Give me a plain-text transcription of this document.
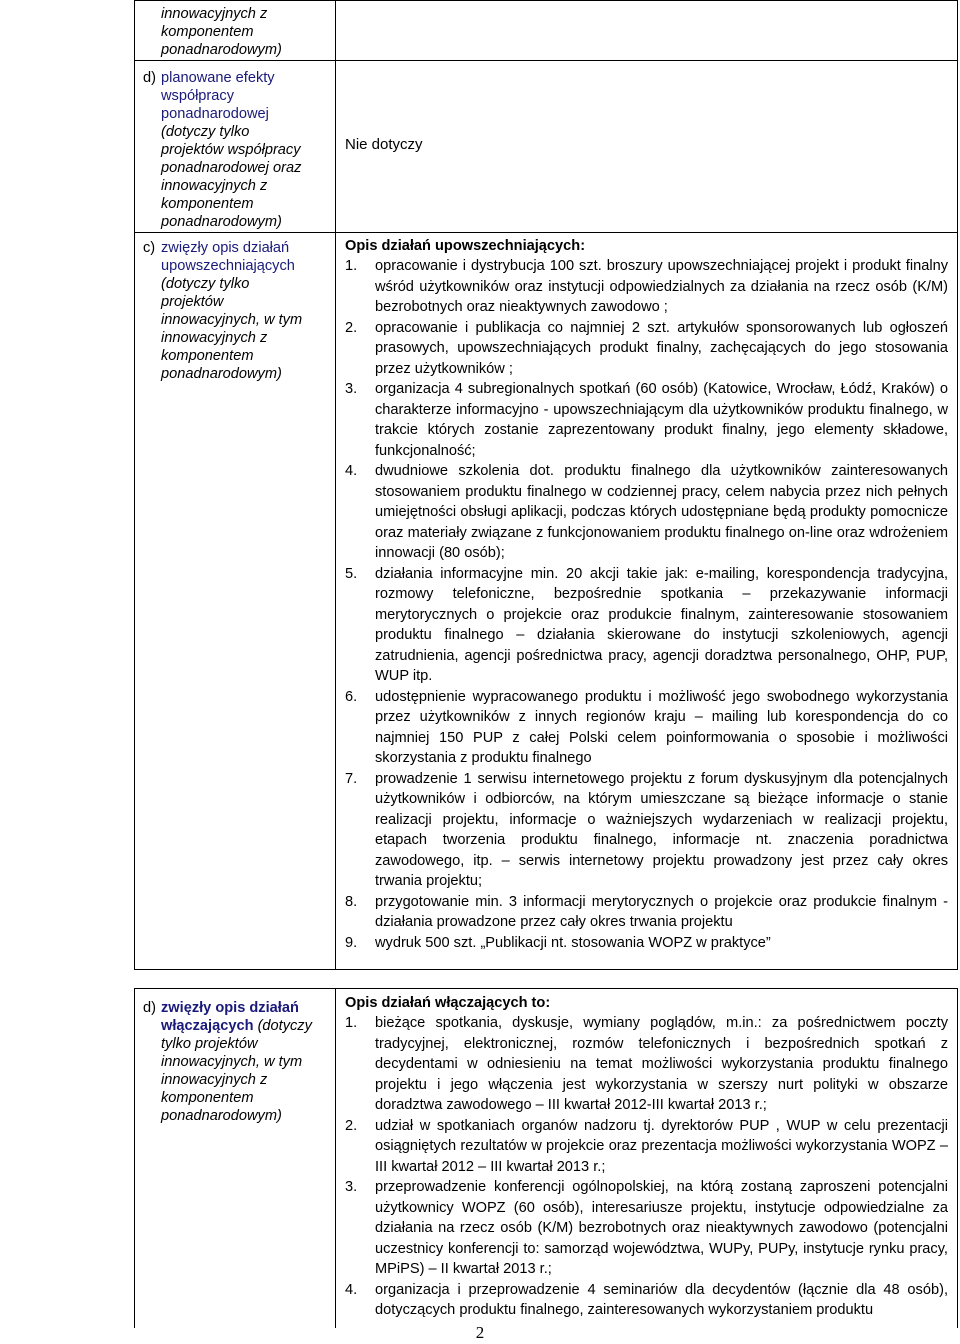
innowacyjnych z
komponentem
ponadnarodowym)
d) planowane efekty
współpracy
ponadnarodowej
(dotyczy tylko
projektów współpracy
ponadnarodowej oraz
innowacyjnych z
komponentem
ponadnarodowym)
Nie dotyczy
c) zwięzły opis działań
upowszechniających
(dotyczy tylko
projektów
innowacyjnych, w tym
innowacyjnych z
komponentem
ponadnarodowym)
Opis działań upowszechniających:
1. opracowanie i dystrybucja 100 szt. broszury upowszechniającej projekt i produkt finalny wśród użytkowników oraz instytucji odpowiedzialnych za działania na rzecz osób (K/M) bezrobotnych oraz nieaktywnych zawodowo ;
2. opracowanie i publikacja co najmniej 2 szt. artykułów sponsorowanych lub ogłoszeń prasowych, upowszechniających produkt finalny, zachęcających do jego stosowania przez użytkowników ;
3. organizacja 4 subregionalnych spotkań (60 osób) (Katowice, Wrocław, Łódź, Kraków) o charakterze informacyjno - upowszechniającym dla użytkowników produktu finalnego, w trakcie których zostanie zaprezentowany produkt finalny, jego elementy składowe, funkcjonalność;
4. dwudniowe szkolenia dot. produktu finalnego dla użytkowników zainteresowanych stosowaniem produktu finalnego w codziennej pracy, celem nabycia przez nich pełnych umiejętności obsługi aplikacji, podczas których udostępniane będą produkty pomocnicze oraz materiały związane z funkcjonowaniem produktu finalnego on-line oraz wdrożeniem innowacji (80 osób);
5. działania informacyjne min. 20 akcji takie jak: e-mailing, korespondencja tradycyjna, rozmowy telefoniczne, bezpośrednie spotkania – przekazywanie informacji merytorycznych o projekcie oraz produkcie finalnym, zainteresowanie stosowaniem produktu finalnego – działania skierowane do instytucji szkoleniowych, agencji zatrudnienia, agencji pośrednictwa pracy, agencji doradztwa personalnego, OHP, PUP, WUP itp.
6. udostępnienie wypracowanego produktu i możliwość jego swobodnego wykorzystania przez użytkowników z innych regionów kraju – mailing lub korespondencja do co najmniej 150 PUP z całej Polski celem poinformowania o sposobie i możliwości skorzystania z produktu finalnego
7. prowadzenie 1 serwisu internetowego projektu z forum dyskusyjnym dla potencjalnych użytkowników i odbiorców, na którym umieszczane są bieżące informacje o stanie realizacji projektu, informacje o ważniejszych wydarzeniach w realizacji projektu, etapach tworzenia produktu finalnego, informacje nt. znaczenia poradnictwa zawodowego, itp. – serwis internetowy projektu prowadzony jest przez cały okres trwania projektu;
8. przygotowanie min. 3 informacji merytorycznych o projekcie oraz produkcie finalnym - działania prowadzone przez cały okres trwania projektu
9. wydruk 500 szt. „Publikacji nt. stosowania WOPZ w praktyce”
d) zwięzły opis działań
włączających (dotyczy
tylko projektów
innowacyjnych, w tym
innowacyjnych z
komponentem
ponadnarodowym)
Opis działań włączających to:
1. bieżące spotkania, dyskusje, wymiany poglądów, m.in.: za pośrednictwem poczty tradycyjnej, elektronicznej, rozmów telefonicznych i bezpośrednich spotkań z decydentami w odniesieniu na temat możliwości wykorzystania produktu finalnego projektu i jego włączenia jest wykorzystania w szerszy nurt polityki w obszarze doradztwa zawodowego – III kwartał 2012-III kwartał 2013 r.;
2. udział w spotkaniach organów nadzoru tj. dyrektorów PUP , WUP w celu prezentacji osiągniętych rezultatów w projekcie oraz prezentacja możliwości wykorzystania WOPZ – III kwartał 2012 – III kwartał 2013 r.;
3. przeprowadzenie konferencji ogólnopolskiej, na którą zostaną zaproszeni potencjalni użytkownicy WOPZ (60 osób), interesariusze projektu, instytucje odpowiedzialne za działania na rzecz osób (K/M) bezrobotnych oraz nieaktywnych zawodowo (potencjalni uczestnicy konferencji to: samorząd województwa, WUPy, PUPy, instytucje rynku pracy, MPiPS) – II kwartał 2013 r.;
4. organizacja i przeprowadzenie 4 seminariów dla decydentów (łącznie dla 48 osób), dotyczących produktu finalnego, zainteresowanych wykorzystaniem produktu
2
